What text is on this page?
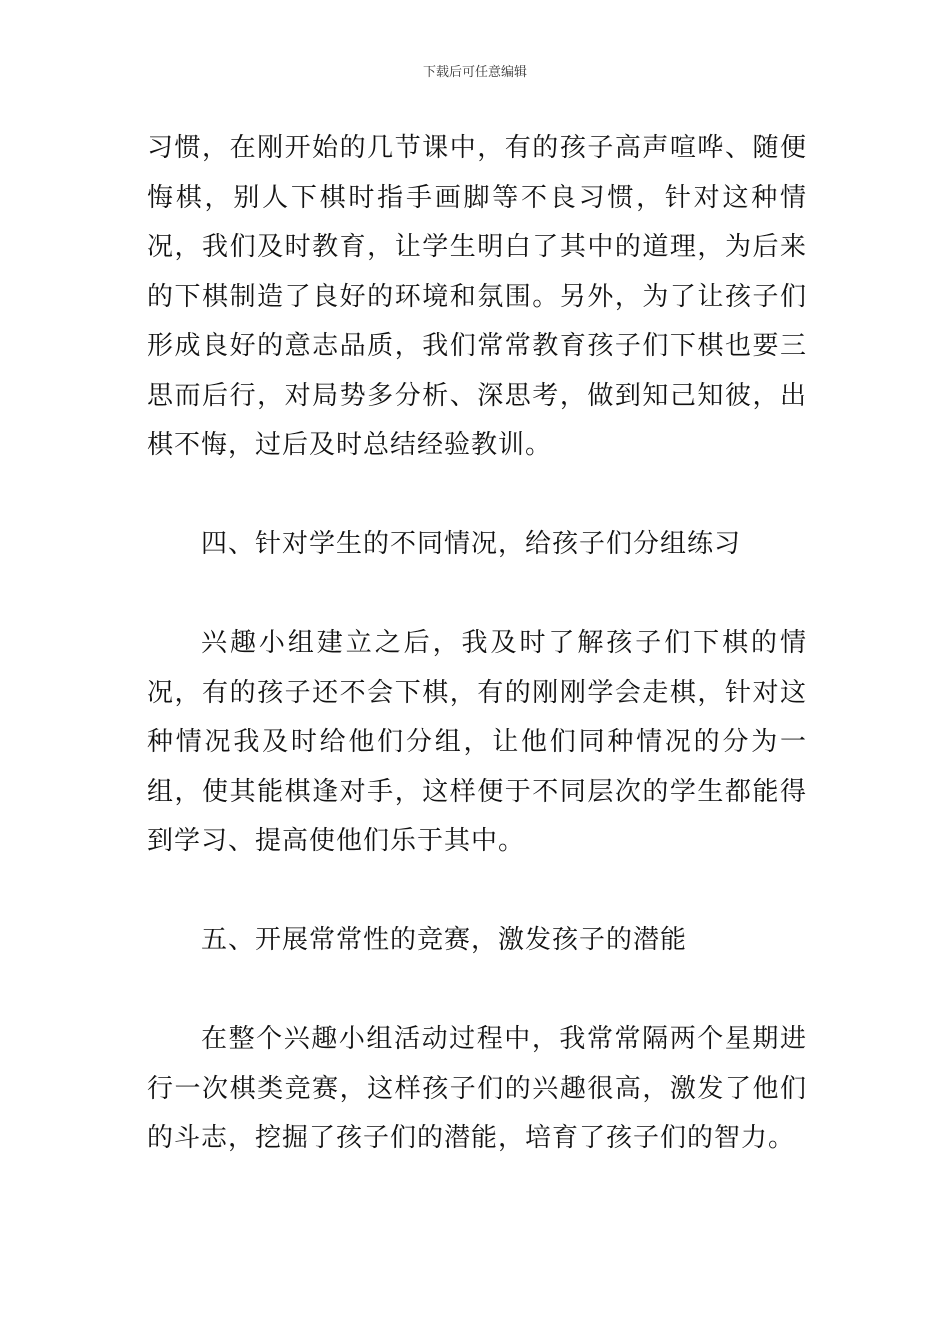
下载后可任意编辑

习惯，在刚开始的几节课中，有的孩子高声喧哗、随便悔棋，别人下棋时指手画脚等不良习惯，针对这种情况，我们及时教育，让学生明白了其中的道理，为后来的下棋制造了良好的环境和氛围。另外，为了让孩子们形成良好的意志品质，我们常常教育孩子们下棋也要三思而后行，对局势多分析、深思考，做到知己知彼，出棋不悔，过后及时总结经验教训。

四、针对学生的不同情况，给孩子们分组练习

兴趣小组建立之后，我及时了解孩子们下棋的情况，有的孩子还不会下棋，有的刚刚学会走棋，针对这种情况我及时给他们分组，让他们同种情况的分为一组，使其能棋逢对手，这样便于不同层次的学生都能得到学习、提高使他们乐于其中。

五、开展常常性的竞赛，激发孩子的潜能

在整个兴趣小组活动过程中，我常常隔两个星期进行一次棋类竞赛，这样孩子们的兴趣很高，激发了他们的斗志，挖掘了孩子们的潜能，培育了孩子们的智力。
